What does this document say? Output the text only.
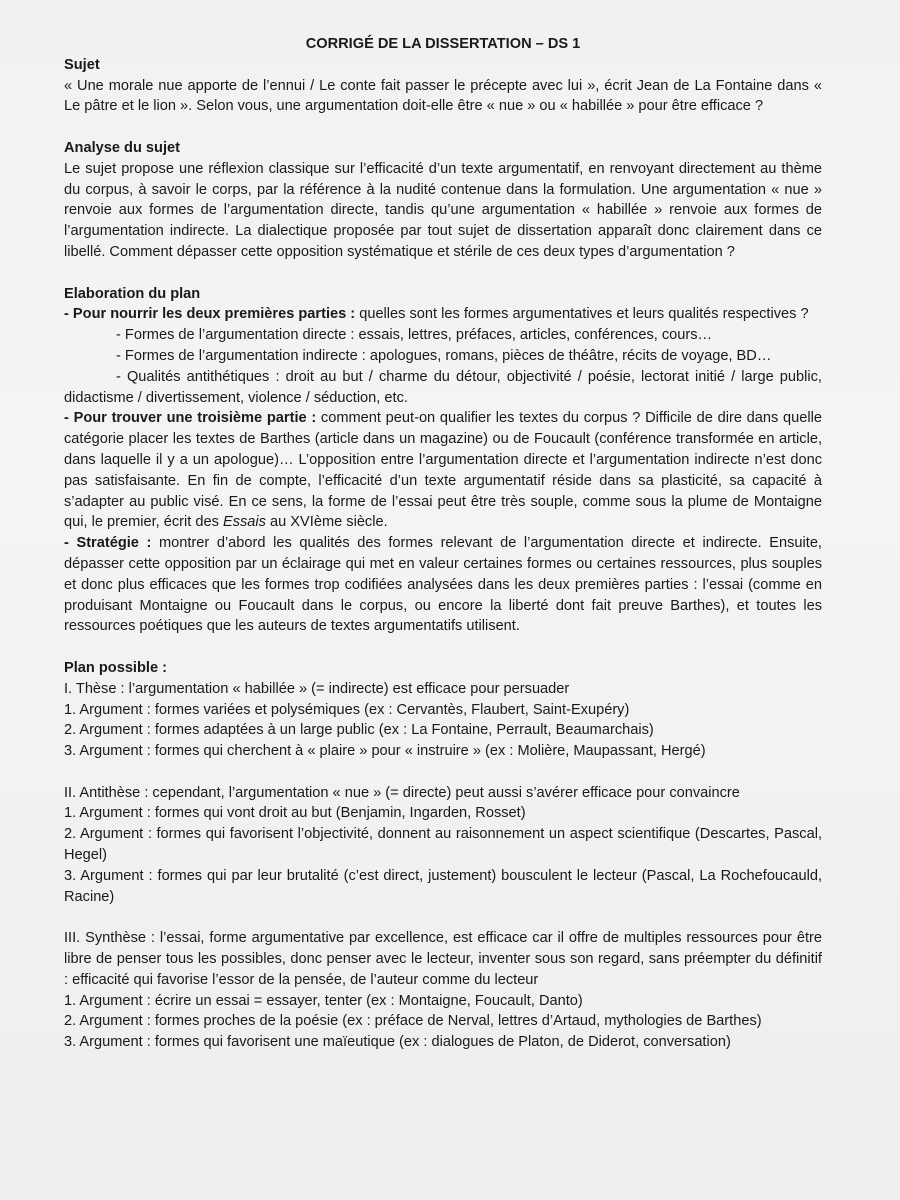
CORRIGÉ DE LA DISSERTATION – DS 1
Sujet

« Une morale nue apporte de l’ennui / Le conte fait passer le précepte avec lui », écrit Jean de La Fontaine dans « Le pâtre et le lion ». Selon vous, une argumentation doit-elle être « nue » ou « habillée » pour être efficace ?

Analyse du sujet

Le sujet propose une réflexion classique sur l’efficacité d’un texte argumentatif, en renvoyant directement au thème du corpus, à savoir le corps, par la référence à la nudité contenue dans la formulation. Une argumentation « nue » renvoie aux formes de l’argumentation directe, tandis qu’une argumentation « habillée » renvoie aux formes de l’argumentation indirecte. La dialectique proposée par tout sujet de dissertation apparaît donc clairement dans ce libellé. Comment dépasser cette opposition systématique et stérile de ces deux types d’argumentation ?

Elaboration du plan

- Pour nourrir les deux premières parties : quelles sont les formes argumentatives et leurs qualités respectives ?

- Formes de l’argumentation directe : essais, lettres, préfaces, articles, conférences, cours…

- Formes de l’argumentation indirecte : apologues, romans, pièces de théâtre, récits de voyage, BD…

- Qualités antithétiques : droit au but / charme du détour, objectivité / poésie, lectorat initié / large public, didactisme / divertissement, violence / séduction, etc.

- Pour trouver une troisième partie : comment peut-on qualifier les textes du corpus ? Difficile de dire dans quelle catégorie placer les textes de Barthes (article dans un magazine) ou de Foucault (conférence transformée en article, dans laquelle il y a un apologue)… L’opposition entre l’argumentation directe et l’argumentation indirecte n’est donc pas satisfaisante. En fin de compte, l’efficacité d’un texte argumentatif réside dans sa plasticité, sa capacité à s’adapter au public visé. En ce sens, la forme de l’essai peut être très souple, comme sous la plume de Montaigne qui, le premier, écrit des Essais au XVIème siècle.

- Stratégie : montrer d’abord les qualités des formes relevant de l’argumentation directe et indirecte. Ensuite, dépasser cette opposition par un éclairage qui met en valeur certaines formes ou certaines ressources, plus souples et donc plus efficaces que les formes trop codifiées analysées dans les deux premières parties : l’essai (comme en produisant Montaigne ou Foucault dans le corpus, ou encore la liberté dont fait preuve Barthes), et toutes les ressources poétiques que les auteurs de textes argumentatifs utilisent.

Plan possible :

I. Thèse : l’argumentation « habillée » (= indirecte) est efficace pour persuader

1. Argument : formes variées et polysémiques (ex : Cervantès, Flaubert, Saint-Exupéry)

2. Argument : formes adaptées à un large public (ex : La Fontaine, Perrault, Beaumarchais)

3. Argument : formes qui cherchent à « plaire » pour « instruire » (ex : Molière, Maupassant, Hergé)

II. Antithèse : cependant, l’argumentation « nue » (= directe) peut aussi s’avérer efficace pour convaincre

1. Argument : formes qui vont droit au but (Benjamin, Ingarden, Rosset)

2. Argument : formes qui favorisent l’objectivité, donnent au raisonnement un aspect scientifique (Descartes, Pascal, Hegel)

3. Argument : formes qui par leur brutalité (c’est direct, justement) bousculent le lecteur (Pascal, La Rochefoucauld, Racine)

III. Synthèse : l’essai, forme argumentative par excellence, est efficace car il offre de multiples ressources pour être libre de penser tous les possibles, donc penser avec le lecteur, inventer sous son regard, sans préempter du définitif : efficacité qui favorise l’essor de la pensée, de l’auteur comme du lecteur

1. Argument : écrire un essai = essayer, tenter (ex : Montaigne, Foucault, Danto)

2. Argument : formes proches de la poésie (ex : préface de Nerval, lettres d’Artaud, mythologies de Barthes)

3. Argument : formes qui favorisent une maïeutique (ex : dialogues de Platon, de Diderot, conversation)
